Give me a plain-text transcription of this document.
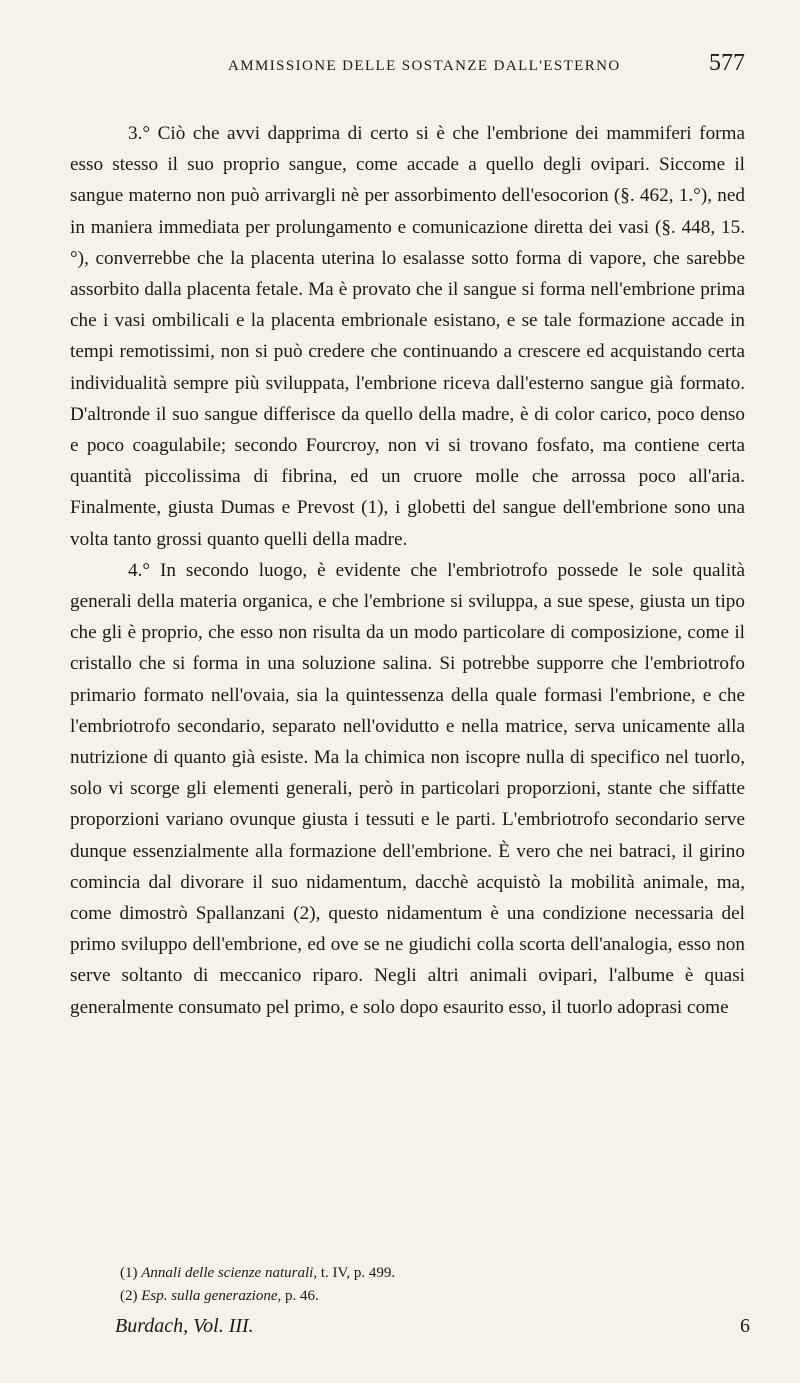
AMMISSIONE DELLE SOSTANZE DALL'ESTERNO	577

3.° Ciò che avvi dapprima di certo si è che l'embrione dei mammiferi forma esso stesso il suo proprio sangue, come accade a quello degli ovipari. Siccome il sangue materno non può arrivargli nè per assorbimento dell'esocorion (§. 462, 1.°), ned in maniera immediata per prolungamento e comunicazione diretta dei vasi (§. 448, 15.°), converrebbe che la placenta uterina lo esalasse sotto forma di vapore, che sarebbe assorbito dalla placenta fetale. Ma è provato che il sangue si forma nell'embrione prima che i vasi ombilicali e la placenta embrionale esistano, e se tale formazione accade in tempi remotissimi, non si può credere che continuando a crescere ed acquistando certa individualità sempre più sviluppata, l'embrione riceva dall'esterno sangue già formato. D'altronde il suo sangue differisce da quello della madre, è di color carico, poco denso e poco coagulabile; secondo Fourcroy, non vi si trovano fosfato, ma contiene certa quantità piccolissima di fibrina, ed un cruore molle che arrossa poco all'aria. Finalmente, giusta Dumas e Prevost (1), i globetti del sangue dell'embrione sono una volta tanto grossi quanto quelli della madre.

4.° In secondo luogo, è evidente che l'embriotrofo possede le sole qualità generali della materia organica, e che l'embrione si sviluppa, a sue spese, giusta un tipo che gli è proprio, che esso non risulta da un modo particolare di composizione, come il cristallo che si forma in una soluzione salina. Si potrebbe supporre che l'embriotrofo primario formato nell'ovaia, sia la quintessenza della quale formasi l'embrione, e che l'embriotrofo secondario, separato nell'ovidutto e nella matrice, serva unicamente alla nutrizione di quanto già esiste. Ma la chimica non iscopre nulla di specifico nel tuorlo, solo vi scorge gli elementi generali, però in particolari proporzioni, stante che siffatte proporzioni variano ovunque giusta i tessuti e le parti. L'embriotrofo secondario serve dunque essenzialmente alla formazione dell'embrione. È vero che nei batraci, il girino comincia dal divorare il suo nidamentum, dacchè acquistò la mobilità animale, ma, come dimostrò Spallanzani (2), questo nidamentum è una condizione necessaria del primo sviluppo dell'embrione, ed ove se ne giudichi colla scorta dell'analogia, esso non serve soltanto di meccanico riparo. Negli altri animali ovipari, l'albume è quasi generalmente consumato pel primo, e solo dopo esaurito esso, il tuorlo adoprasi come

(1) Annali delle scienze naturali, t. IV, p. 499.

(2) Esp. sulla generazione, p. 46.

Burdach, Vol. III.	6
